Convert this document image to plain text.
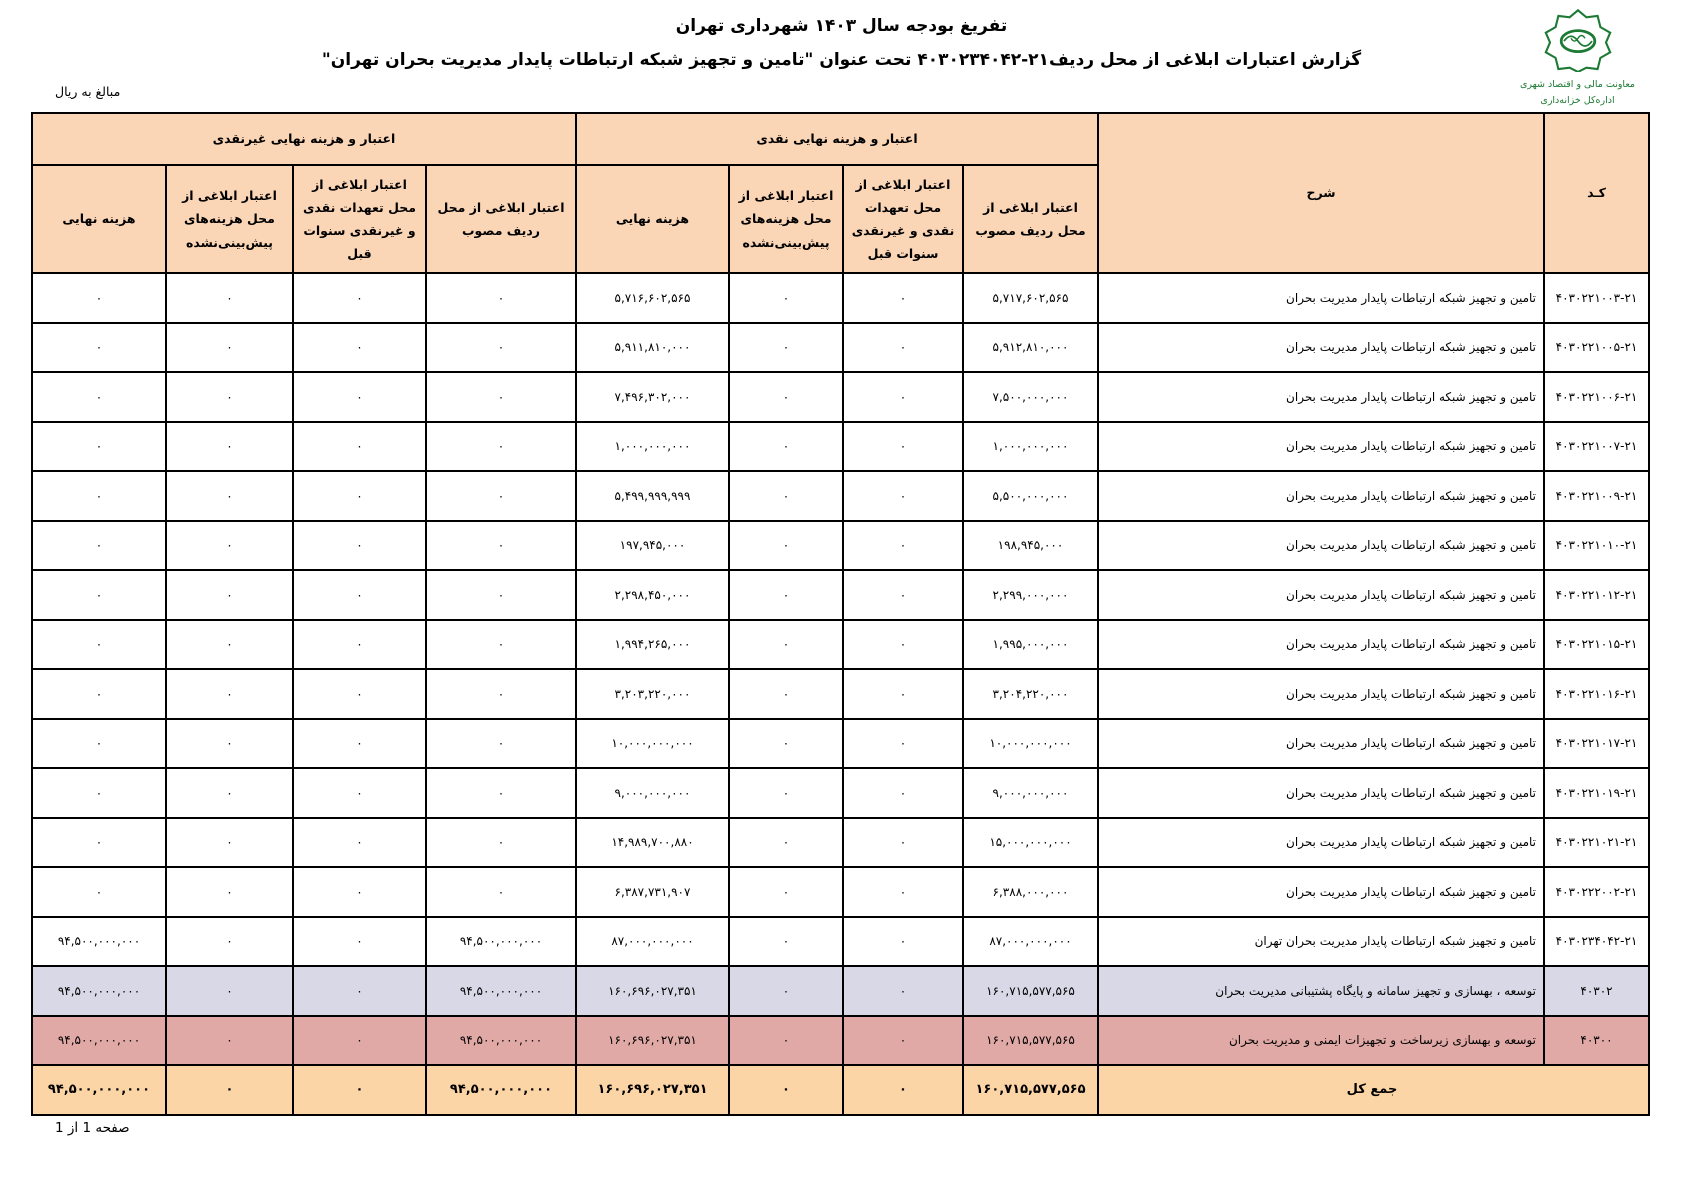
معاونت مالی و اقتصاد شهری
اداره‌کل خزانه‌داری
تفریغ بودجه سال ۱۴۰۳ شهرداری تهران
گزارش اعتبارات ابلاغی از محل ردیف۲۱‏-‏۴۰۳۰۲۳۴۰۴۲ تحت عنوان "تامین و تجهیز شبکه ارتباطات پایدار مدیریت بحران تهران"
مبالغ به ریال
کـد	شرح	اعتبار و هزینه نهایی نقدی				اعتبار و هزینه نهایی غیرنقدی			
		اعتبار ابلاغی از محل ردیف مصوب	اعتبار ابلاغی از محل تعهدات نقدی و غیرنقدی سنوات قبل	اعتبار ابلاغی از محل هزینه‌های پیش‌بینی‌نشده	هزینه نهایی	اعتبار ابلاغی از محل ردیف مصوب	اعتبار ابلاغی از محل تعهدات نقدی و غیرنقدی سنوات قبل	اعتبار ابلاغی از محل هزینه‌های پیش‌بینی‌نشده	هزینه نهایی
۴۰۳۰۲۲۱۰۰۳-۲۱	تامین و تجهیز شبکه ارتباطات پایدار مدیریت بحران	۵,۷۱۷,۶۰۲,۵۶۵	۰	۰	۵,۷۱۶,۶۰۲,۵۶۵	۰	۰	۰	۰
۴۰۳۰۲۲۱۰۰۵-۲۱	تامین و تجهیز شبکه ارتباطات پایدار مدیریت بحران	۵,۹۱۲,۸۱۰,۰۰۰	۰	۰	۵,۹۱۱,۸۱۰,۰۰۰	۰	۰	۰	۰
۴۰۳۰۲۲۱۰۰۶-۲۱	تامین و تجهیز شبکه ارتباطات پایدار مدیریت بحران	۷,۵۰۰,۰۰۰,۰۰۰	۰	۰	۷,۴۹۶,۳۰۲,۰۰۰	۰	۰	۰	۰
۴۰۳۰۲۲۱۰۰۷-۲۱	تامین و تجهیز شبکه ارتباطات پایدار مدیریت بحران	۱,۰۰۰,۰۰۰,۰۰۰	۰	۰	۱,۰۰۰,۰۰۰,۰۰۰	۰	۰	۰	۰
۴۰۳۰۲۲۱۰۰۹-۲۱	تامین و تجهیز شبکه ارتباطات پایدار مدیریت بحران	۵,۵۰۰,۰۰۰,۰۰۰	۰	۰	۵,۴۹۹,۹۹۹,۹۹۹	۰	۰	۰	۰
۴۰۳۰۲۲۱۰۱۰-۲۱	تامین و تجهیز شبکه ارتباطات پایدار مدیریت بحران	۱۹۸,۹۴۵,۰۰۰	۰	۰	۱۹۷,۹۴۵,۰۰۰	۰	۰	۰	۰
۴۰۳۰۲۲۱۰۱۲-۲۱	تامین و تجهیز شبکه ارتباطات پایدار مدیریت بحران	۲,۲۹۹,۰۰۰,۰۰۰	۰	۰	۲,۲۹۸,۴۵۰,۰۰۰	۰	۰	۰	۰
۴۰۳۰۲۲۱۰۱۵-۲۱	تامین و تجهیز شبکه ارتباطات پایدار مدیریت بحران	۱,۹۹۵,۰۰۰,۰۰۰	۰	۰	۱,۹۹۴,۲۶۵,۰۰۰	۰	۰	۰	۰
۴۰۳۰۲۲۱۰۱۶-۲۱	تامین و تجهیز شبکه ارتباطات پایدار مدیریت بحران	۳,۲۰۴,۲۲۰,۰۰۰	۰	۰	۳,۲۰۳,۲۲۰,۰۰۰	۰	۰	۰	۰
۴۰۳۰۲۲۱۰۱۷-۲۱	تامین و تجهیز شبکه ارتباطات پایدار مدیریت بحران	۱۰,۰۰۰,۰۰۰,۰۰۰	۰	۰	۱۰,۰۰۰,۰۰۰,۰۰۰	۰	۰	۰	۰
۴۰۳۰۲۲۱۰۱۹-۲۱	تامین و تجهیز شبکه ارتباطات پایدار مدیریت بحران	۹,۰۰۰,۰۰۰,۰۰۰	۰	۰	۹,۰۰۰,۰۰۰,۰۰۰	۰	۰	۰	۰
۴۰۳۰۲۲۱۰۲۱-۲۱	تامین و تجهیز شبکه ارتباطات پایدار مدیریت بحران	۱۵,۰۰۰,۰۰۰,۰۰۰	۰	۰	۱۴,۹۸۹,۷۰۰,۸۸۰	۰	۰	۰	۰
۴۰۳۰۲۲۲۰۰۲-۲۱	تامین و تجهیز شبکه ارتباطات پایدار مدیریت بحران	۶,۳۸۸,۰۰۰,۰۰۰	۰	۰	۶,۳۸۷,۷۳۱,۹۰۷	۰	۰	۰	۰
۴۰۳۰۲۳۴۰۴۲-۲۱	تامین و تجهیز شبکه ارتباطات پایدار مدیریت بحران تهران	۸۷,۰۰۰,۰۰۰,۰۰۰	۰	۰	۸۷,۰۰۰,۰۰۰,۰۰۰	۹۴,۵۰۰,۰۰۰,۰۰۰	۰	۰	۹۴,۵۰۰,۰۰۰,۰۰۰
۴۰۳۰۲	توسعه ، بهسازی و تجهیز سامانه و پایگاه پشتیبانی مدیریت بحران	۱۶۰,۷۱۵,۵۷۷,۵۶۵	۰	۰	۱۶۰,۶۹۶,۰۲۷,۳۵۱	۹۴,۵۰۰,۰۰۰,۰۰۰	۰	۰	۹۴,۵۰۰,۰۰۰,۰۰۰
۴۰۳۰۰	توسعه و بهسازی زیرساخت و تجهیزات ایمنی و مدیریت بحران	۱۶۰,۷۱۵,۵۷۷,۵۶۵	۰	۰	۱۶۰,۶۹۶,۰۲۷,۳۵۱	۹۴,۵۰۰,۰۰۰,۰۰۰	۰	۰	۹۴,۵۰۰,۰۰۰,۰۰۰
جمع کل		۱۶۰,۷۱۵,۵۷۷,۵۶۵	۰	۰	۱۶۰,۶۹۶,۰۲۷,۳۵۱	۹۴,۵۰۰,۰۰۰,۰۰۰	۰	۰	۹۴,۵۰۰,۰۰۰,۰۰۰
صفحه 1 از 1
